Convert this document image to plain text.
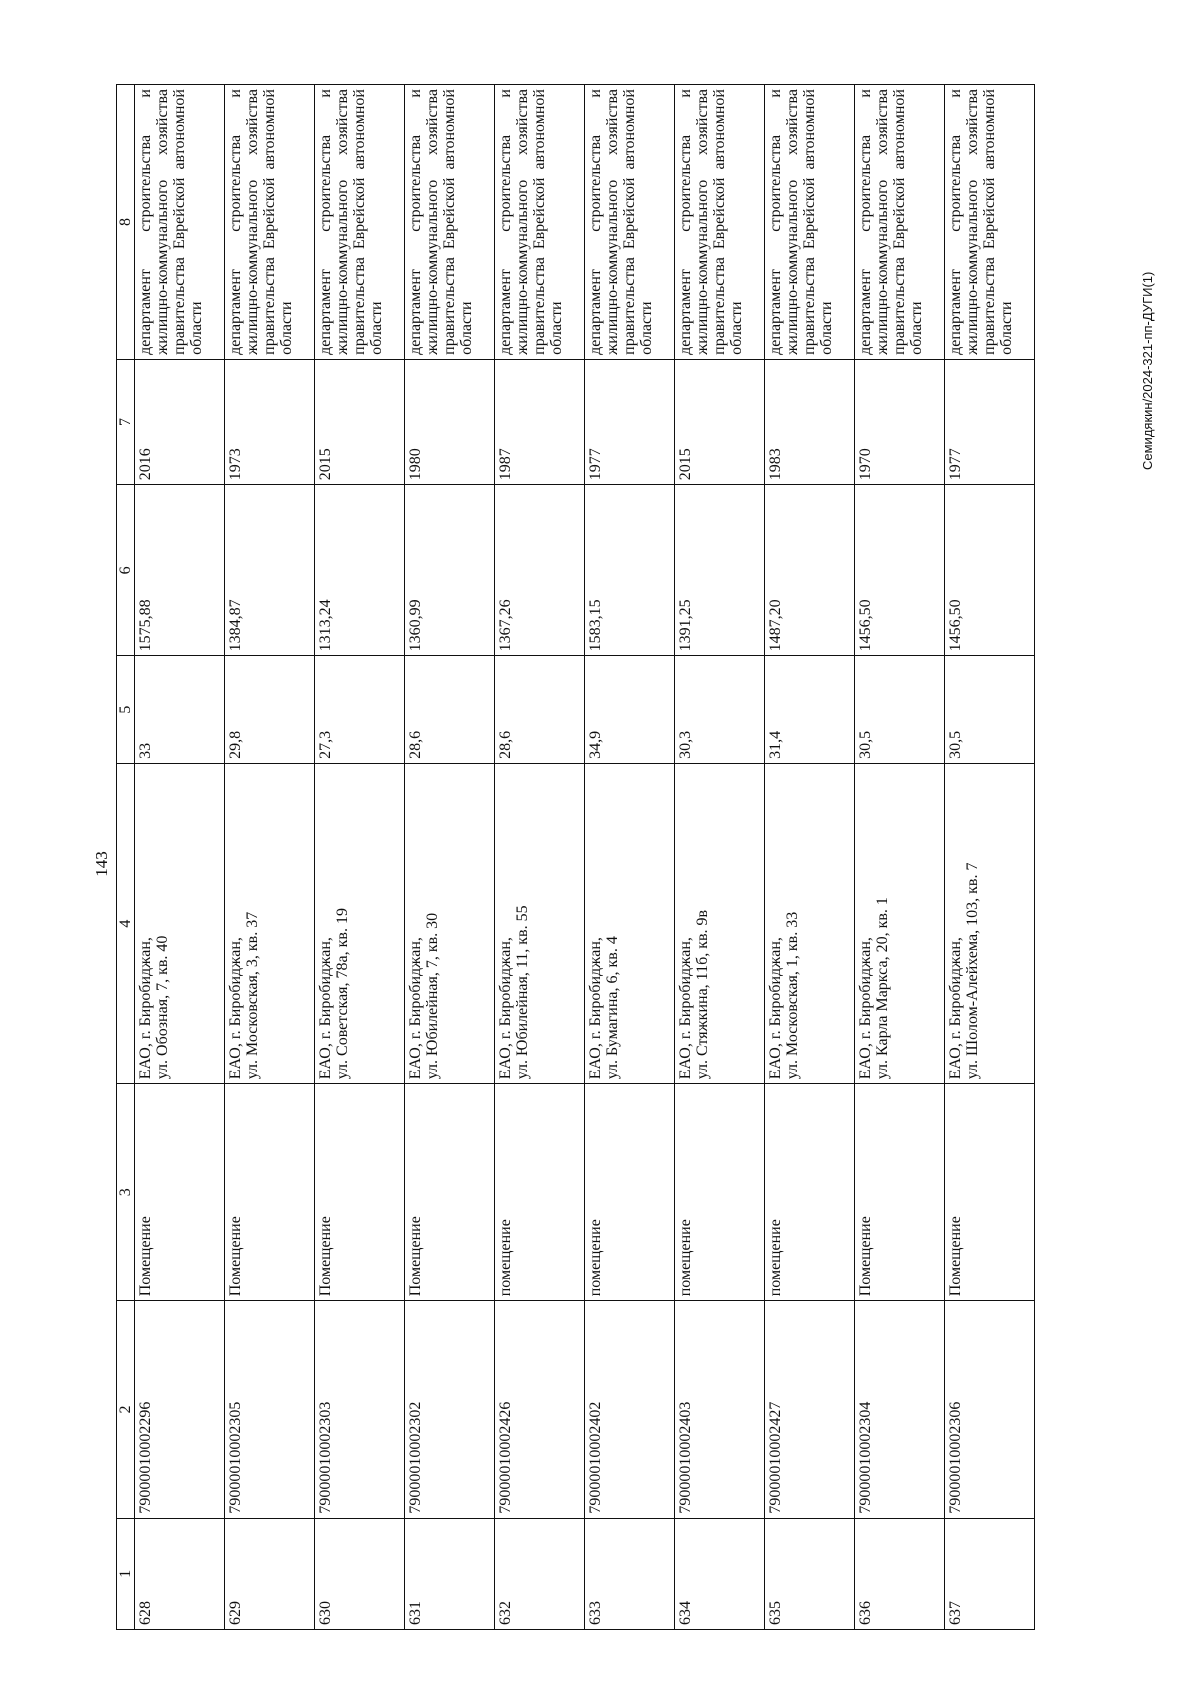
143
1	2	3	4	5	6	7	8
628	79000010002296	Помещение	ЕАО, г. Биробиджан, ул. Обозная, 7, кв. 40	33	1575,88	2016	департамент строительства и жилищно-коммунального хозяйства правительства Еврейской автономной области
629	79000010002305	Помещение	ЕАО, г. Биробиджан, ул. Московская, 3, кв. 37	29,8	1384,87	1973	департамент строительства и жилищно-коммунального хозяйства правительства Еврейской автономной области
630	79000010002303	Помещение	ЕАО, г. Биробиджан, ул. Советская, 78а, кв. 19	27,3	1313,24	2015	департамент строительства и жилищно-коммунального хозяйства правительства Еврейской автономной области
631	79000010002302	Помещение	ЕАО, г. Биробиджан, ул. Юбилейная, 7, кв. 30	28,6	1360,99	1980	департамент строительства и жилищно-коммунального хозяйства правительства Еврейской автономной области
632	79000010002426	помещение	ЕАО, г. Биробиджан, ул. Юбилейная, 11, кв. 55	28,6	1367,26	1987	департамент строительства и жилищно-коммунального хозяйства правительства Еврейской автономной области
633	79000010002402	помещение	ЕАО, г. Биробиджан, ул. Бумагина, 6, кв. 4	34,9	1583,15	1977	департамент строительства и жилищно-коммунального хозяйства правительства Еврейской автономной области
634	79000010002403	помещение	ЕАО, г. Биробиджан, ул. Стяжкина, 11б, кв. 9в	30,3	1391,25	2015	департамент строительства и жилищно-коммунального хозяйства правительства Еврейской автономной области
635	79000010002427	помещение	ЕАО, г. Биробиджан, ул. Московская, 1, кв. 33	31,4	1487,20	1983	департамент строительства и жилищно-коммунального хозяйства правительства Еврейской автономной области
636	79000010002304	Помещение	ЕАО, г. Биробиджан, ул. Карла Маркса, 20, кв. 1	30,5	1456,50	1970	департамент строительства и жилищно-коммунального хозяйства правительства Еврейской автономной области
637	79000010002306	Помещение	ЕАО, г. Биробиджан, ул. Шолом-Алейхема, 103, кв. 7	30,5	1456,50	1977	департамент строительства и жилищно-коммунального хозяйства правительства Еврейской автономной области	Семидякин/2024-321-пп-ДУГИ(1)
